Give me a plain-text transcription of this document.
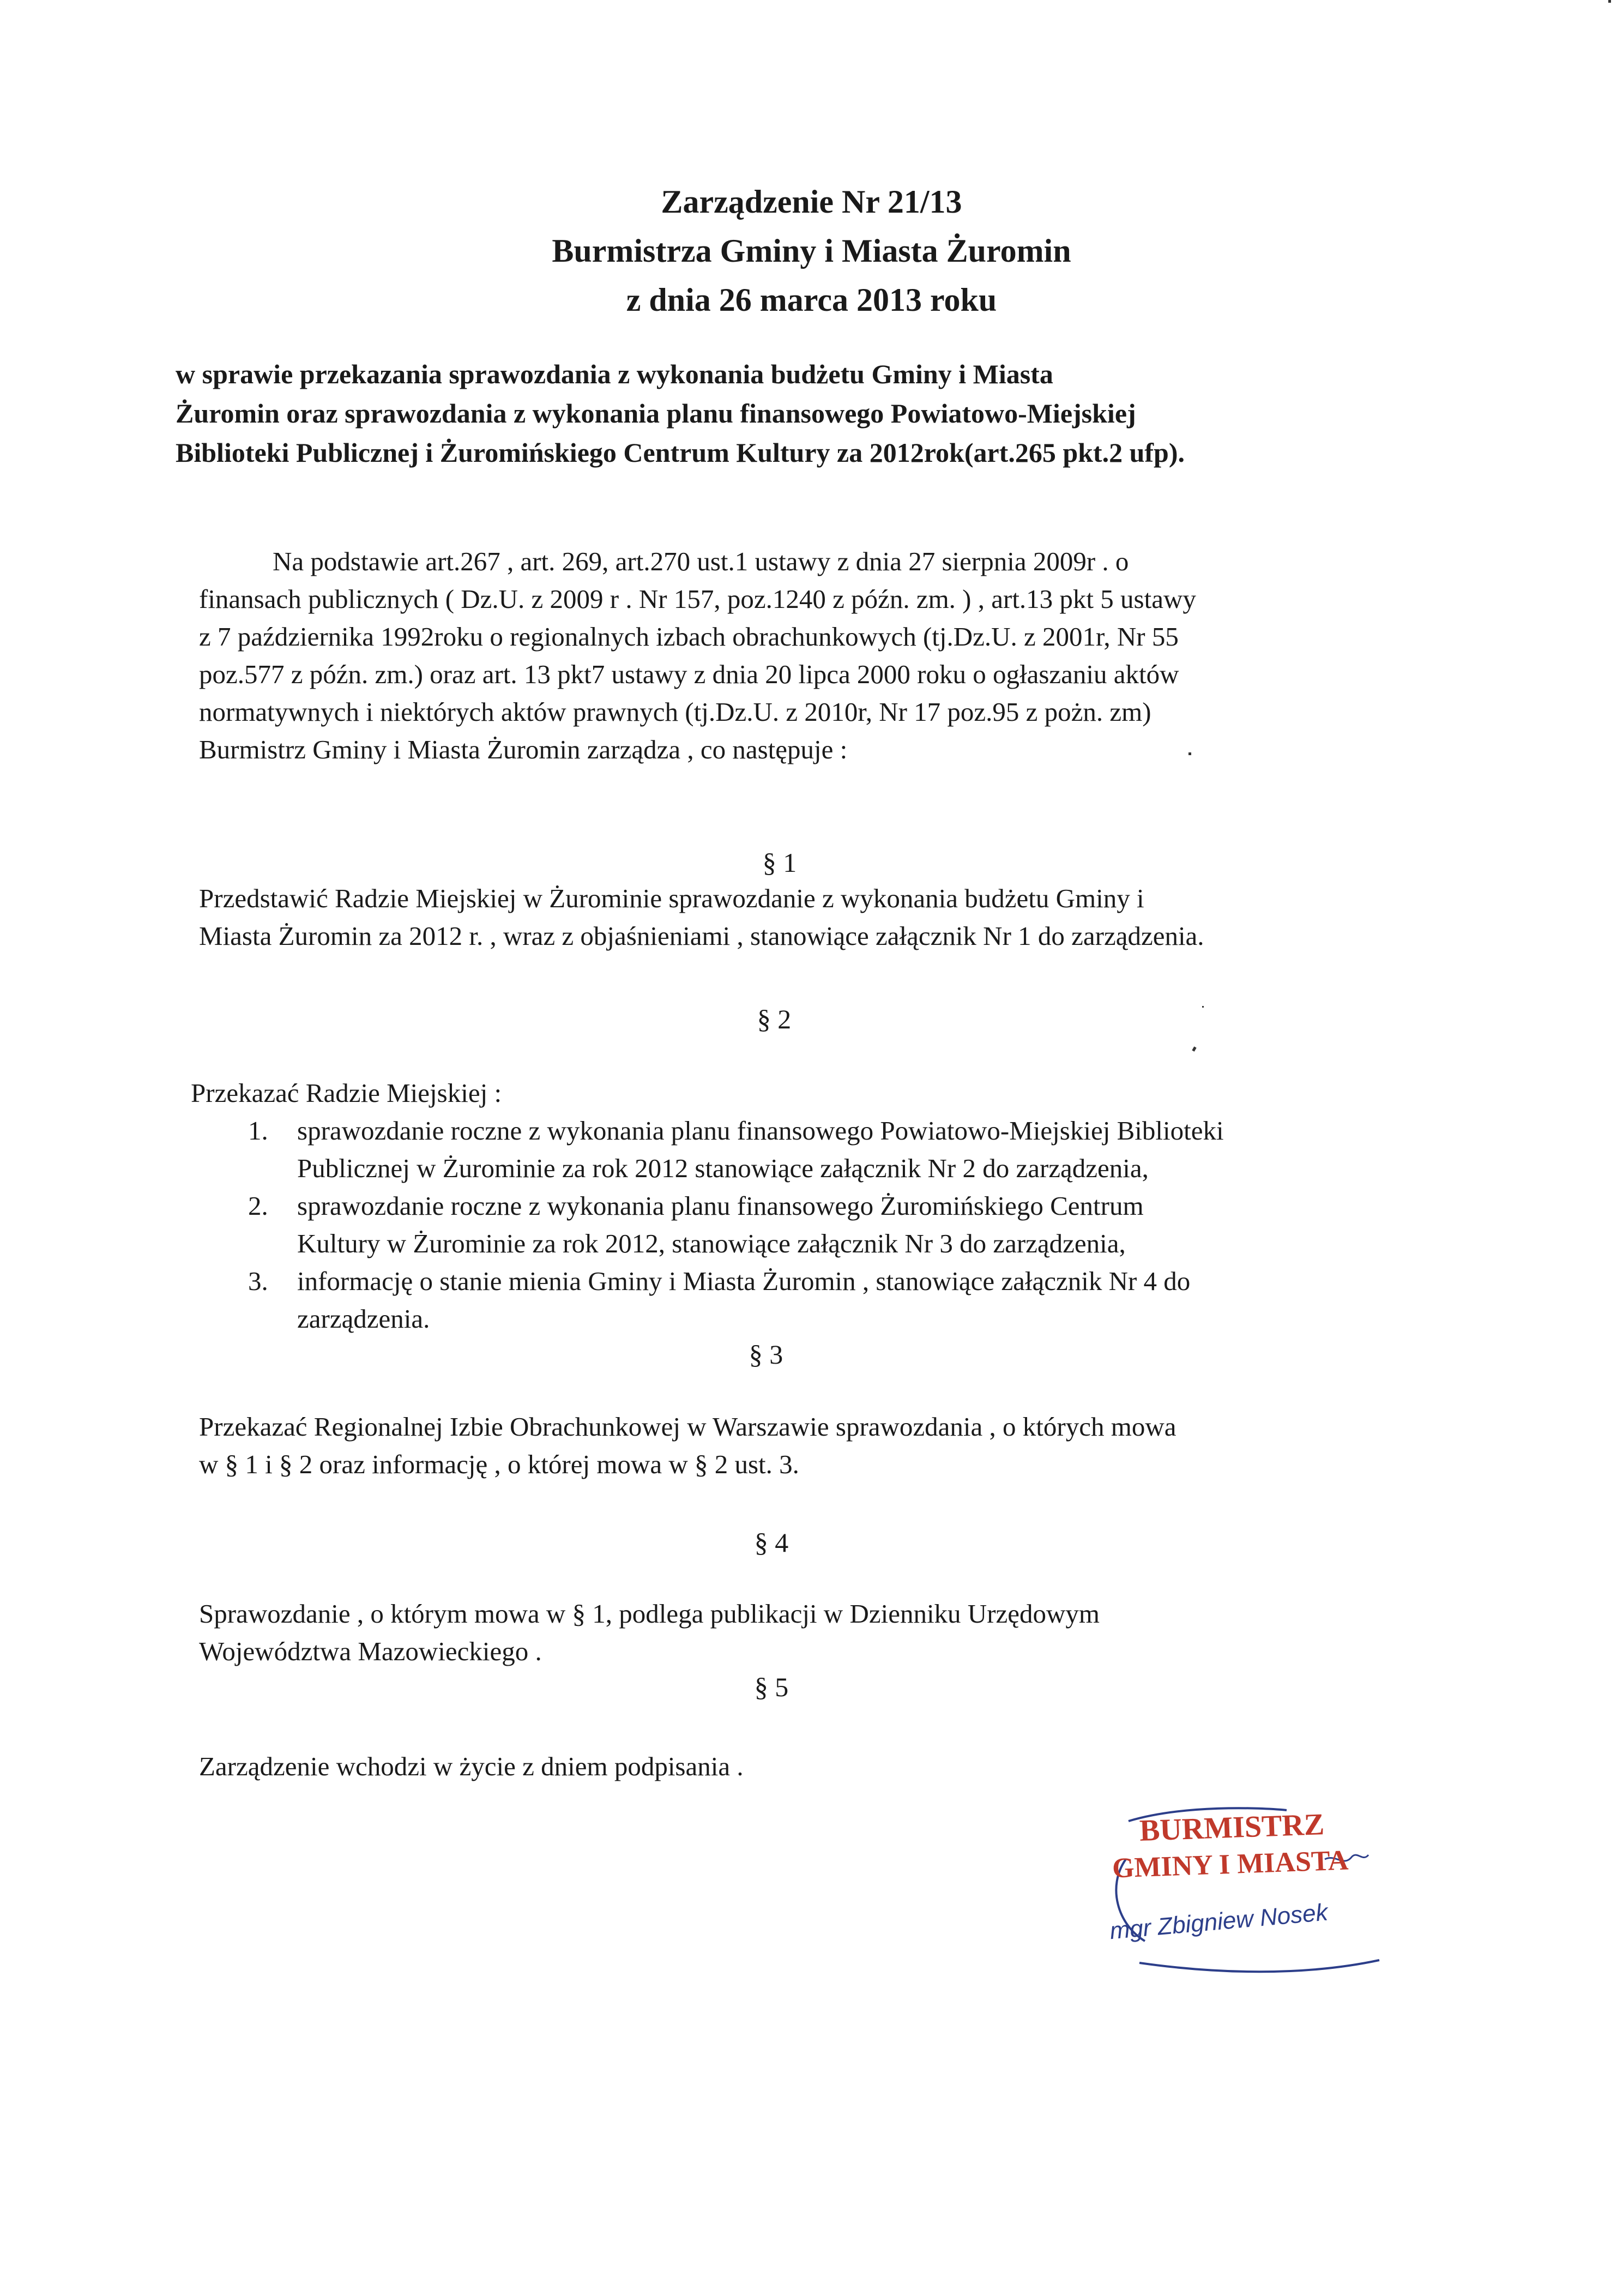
Zarządzenie Nr 21/13
Burmistrza Gminy i Miasta Żuromin
z dnia 26 marca 2013 roku
w sprawie przekazania sprawozdania z wykonania budżetu Gminy i Miasta
Żuromin oraz sprawozdania z wykonania planu finansowego Powiatowo-Miejskiej
Biblioteki Publicznej i Żuromińskiego Centrum Kultury za 2012rok(art.265 pkt.2 ufp).
Na podstawie art.267 , art. 269, art.270 ust.1 ustawy z dnia 27 sierpnia 2009r . o
finansach publicznych ( Dz.U. z 2009 r . Nr 157, poz.1240 z późn. zm. ) , art.13 pkt 5 ustawy
z 7 października 1992roku o regionalnych izbach obrachunkowych (tj.Dz.U. z 2001r, Nr 55
poz.577 z późn. zm.) oraz art. 13 pkt7 ustawy z dnia 20 lipca 2000 roku o ogłaszaniu aktów
normatywnych i niektórych aktów prawnych (tj.Dz.U. z 2010r, Nr 17 poz.95 z pożn. zm)
Burmistrz Gminy i Miasta Żuromin zarządza , co następuje :
§ 1
Przedstawić Radzie Miejskiej w Żurominie sprawozdanie z wykonania budżetu Gminy i
Miasta Żuromin za 2012 r. , wraz z objaśnieniami , stanowiące załącznik Nr 1 do zarządzenia.
§ 2
Przekazać Radzie Miejskiej :
1. sprawozdanie roczne z wykonania planu finansowego Powiatowo-Miejskiej Biblioteki
Publicznej w Żurominie za rok 2012 stanowiące załącznik Nr 2 do zarządzenia,
2. sprawozdanie roczne z wykonania planu finansowego Żuromińskiego Centrum
Kultury w Żurominie za rok 2012, stanowiące załącznik Nr 3 do zarządzenia,
3. informację o stanie mienia Gminy i Miasta Żuromin , stanowiące załącznik Nr 4 do
zarządzenia.
§ 3
Przekazać Regionalnej Izbie Obrachunkowej w Warszawie sprawozdania , o których mowa
w § 1 i § 2 oraz informację , o której mowa w § 2 ust. 3.
§ 4
Sprawozdanie , o którym mowa w § 1, podlega publikacji w Dzienniku Urzędowym
Województwa Mazowieckiego .
§ 5
Zarządzenie wchodzi w życie z dniem podpisania .
BURMISTRZ
GMINY I MIASTA
mgr Zbigniew Nosek
